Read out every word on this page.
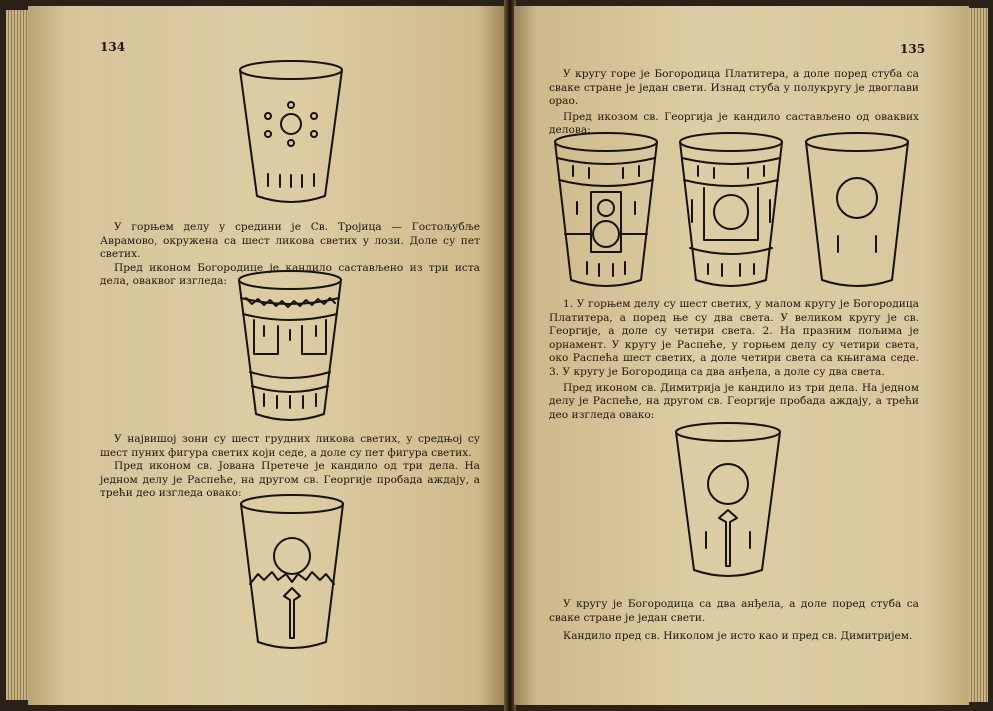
134

У горњем делу у средини је Св. Тројица — Гостољубље Аврамово, окружена са шест ликова светих у лози. Доле су пет светих.

Пред иконом Богородице је кандило састављено из три иста дела, оваквог изгледа:

У највишој зони су шест грудних ликова светих, у средњој су шест пуних фигура светих који седе, а доле су пет фигура светих.

Пред иконом св. Јована Претече је кандило од три дела. На једном делу је Распеће, на другом св. Георгије пробада аждају, а трећи део изгледа овако:

135

У кругу горе је Богородица Платитера, а доле поред стуба са сваке стране је један свети. Изнад стуба у полукругу је двоглави орао.

Пред икозом св. Георгија је кандило састављено од оваквих делова:

1. У горњем делу су шест светих, у малом кругу је Богородица Платитера, а поред ње су два света. У великом кругу је св. Георгије, а доле су четири света. 2. На празним пољима је орнамент. У кругу је Распеће, у горњем делу су четири света, око Распећа шест светих, а доле четири света са књигама седе. 3. У кругу је Богородица са два анђела, а доле су два света.

Пред иконом св. Димитрија је кандило из три дела. На једном делу је Распеће, на другом св. Георгије пробада аждају, а трећи део изгледа овако:

У кругу је Богородица са два анђела, а доле поред стуба са сваке стране је један свети.

Кандило пред св. Николом је исто као и пред св. Димитријем.
